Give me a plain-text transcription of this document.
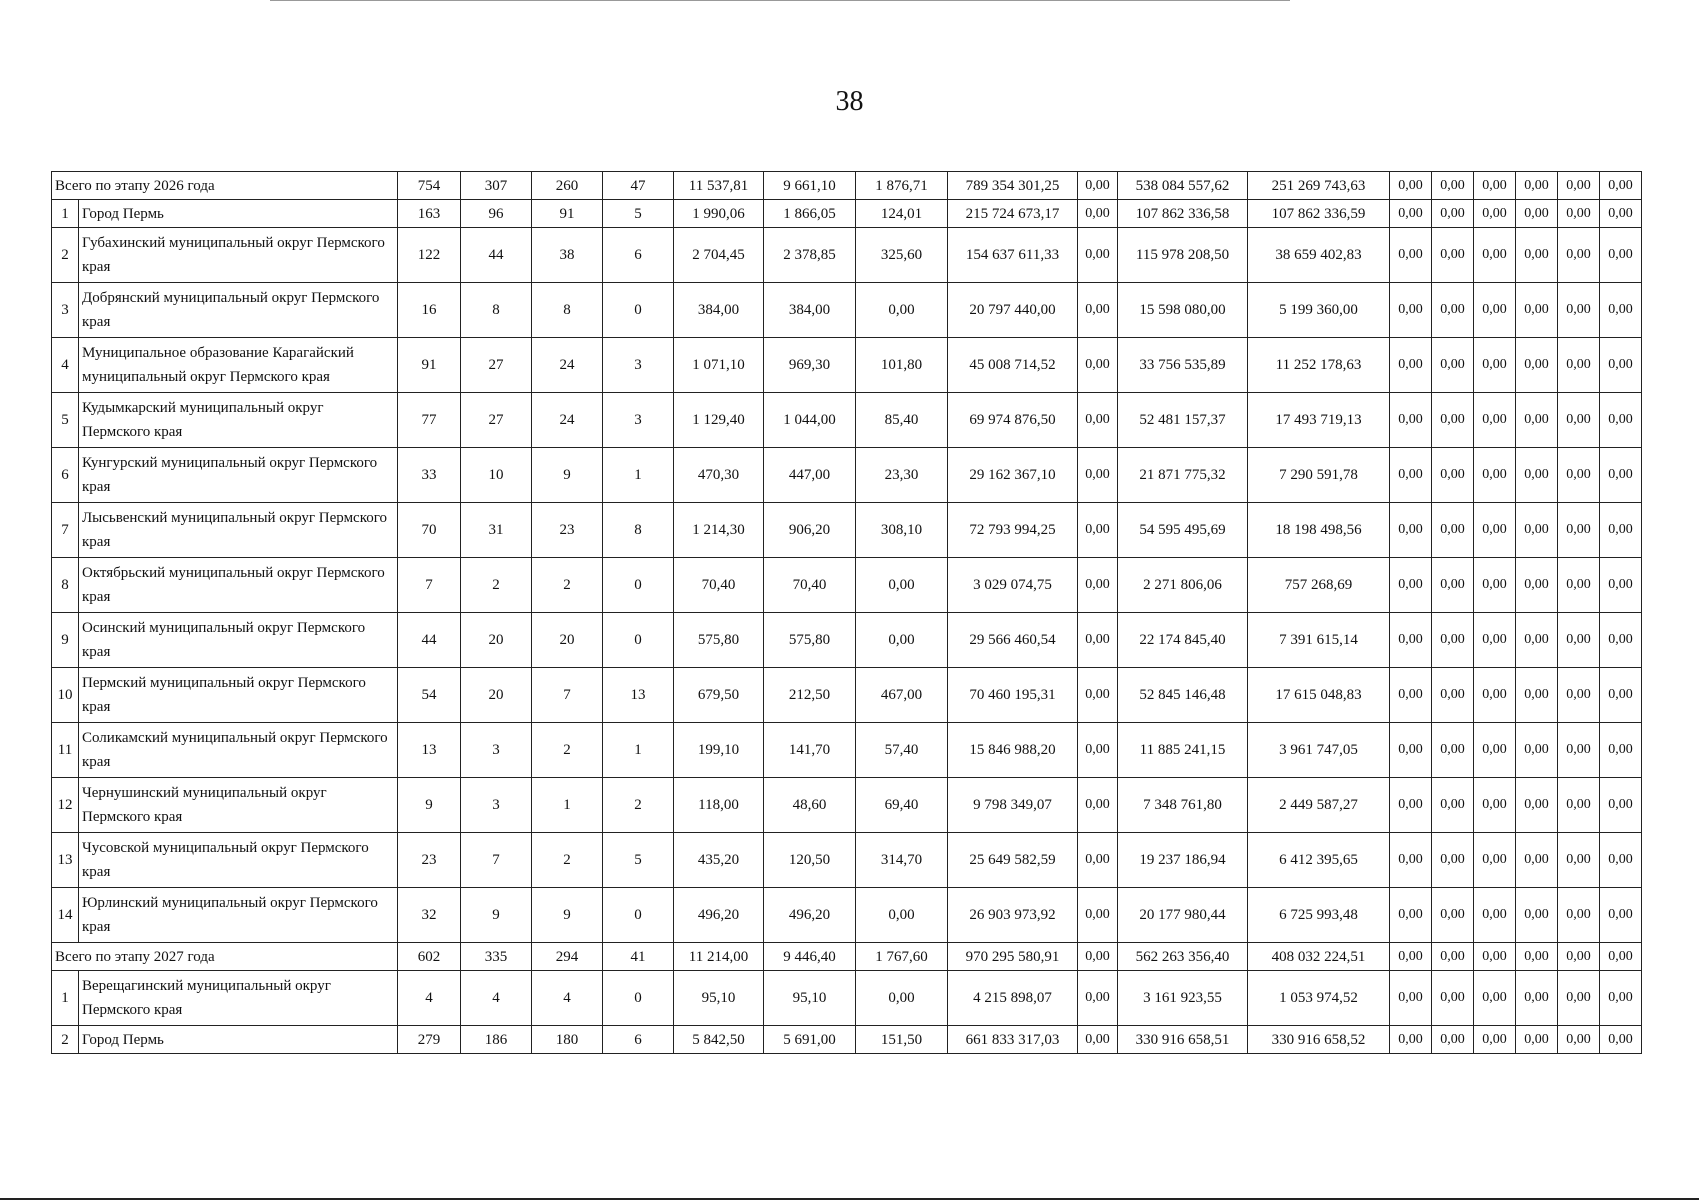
38
Всего по этапу 2026 года		754	307	260	47	11 537,81	9 661,10	1 876,71	789 354 301,25	0,00	538 084 557,62	251 269 743,63	0,00	0,00	0,00	0,00	0,00	0,00
1	Город Пермь	163	96	91	5	1 990,06	1 866,05	124,01	215 724 673,17	0,00	107 862 336,58	107 862 336,59	0,00	0,00	0,00	0,00	0,00	0,00
2	Губахинский муниципальный округ Пермского края	122	44	38	6	2 704,45	2 378,85	325,60	154 637 611,33	0,00	115 978 208,50	38 659 402,83	0,00	0,00	0,00	0,00	0,00	0,00
3	Добрянский муниципальный округ Пермского края	16	8	8	0	384,00	384,00	0,00	20 797 440,00	0,00	15 598 080,00	5 199 360,00	0,00	0,00	0,00	0,00	0,00	0,00
4	Муниципальное образование Карагайский муниципальный округ Пермского края	91	27	24	3	1 071,10	969,30	101,80	45 008 714,52	0,00	33 756 535,89	11 252 178,63	0,00	0,00	0,00	0,00	0,00	0,00
5	Кудымкарский муниципальный округ Пермского края	77	27	24	3	1 129,40	1 044,00	85,40	69 974 876,50	0,00	52 481 157,37	17 493 719,13	0,00	0,00	0,00	0,00	0,00	0,00
6	Кунгурский муниципальный округ Пермского края	33	10	9	1	470,30	447,00	23,30	29 162 367,10	0,00	21 871 775,32	7 290 591,78	0,00	0,00	0,00	0,00	0,00	0,00
7	Лысьвенский муниципальный округ Пермского края	70	31	23	8	1 214,30	906,20	308,10	72 793 994,25	0,00	54 595 495,69	18 198 498,56	0,00	0,00	0,00	0,00	0,00	0,00
8	Октябрьский муниципальный округ Пермского края	7	2	2	0	70,40	70,40	0,00	3 029 074,75	0,00	2 271 806,06	757 268,69	0,00	0,00	0,00	0,00	0,00	0,00
9	Осинский муниципальный округ Пермского края	44	20	20	0	575,80	575,80	0,00	29 566 460,54	0,00	22 174 845,40	7 391 615,14	0,00	0,00	0,00	0,00	0,00	0,00
10	Пермский муниципальный округ Пермского края	54	20	7	13	679,50	212,50	467,00	70 460 195,31	0,00	52 845 146,48	17 615 048,83	0,00	0,00	0,00	0,00	0,00	0,00
11	Соликамский муниципальный округ Пермского края	13	3	2	1	199,10	141,70	57,40	15 846 988,20	0,00	11 885 241,15	3 961 747,05	0,00	0,00	0,00	0,00	0,00	0,00
12	Чернушинский муниципальный округ Пермского края	9	3	1	2	118,00	48,60	69,40	9 798 349,07	0,00	7 348 761,80	2 449 587,27	0,00	0,00	0,00	0,00	0,00	0,00
13	Чусовской муниципальный округ Пермского края	23	7	2	5	435,20	120,50	314,70	25 649 582,59	0,00	19 237 186,94	6 412 395,65	0,00	0,00	0,00	0,00	0,00	0,00
14	Юрлинский муниципальный округ Пермского края	32	9	9	0	496,20	496,20	0,00	26 903 973,92	0,00	20 177 980,44	6 725 993,48	0,00	0,00	0,00	0,00	0,00	0,00
Всего по этапу 2027 года		602	335	294	41	11 214,00	9 446,40	1 767,60	970 295 580,91	0,00	562 263 356,40	408 032 224,51	0,00	0,00	0,00	0,00	0,00	0,00
1	Верещагинский муниципальный округ Пермского края	4	4	4	0	95,10	95,10	0,00	4 215 898,07	0,00	3 161 923,55	1 053 974,52	0,00	0,00	0,00	0,00	0,00	0,00
2	Город Пермь	279	186	180	6	5 842,50	5 691,00	151,50	661 833 317,03	0,00	330 916 658,51	330 916 658,52	0,00	0,00	0,00	0,00	0,00	0,00
